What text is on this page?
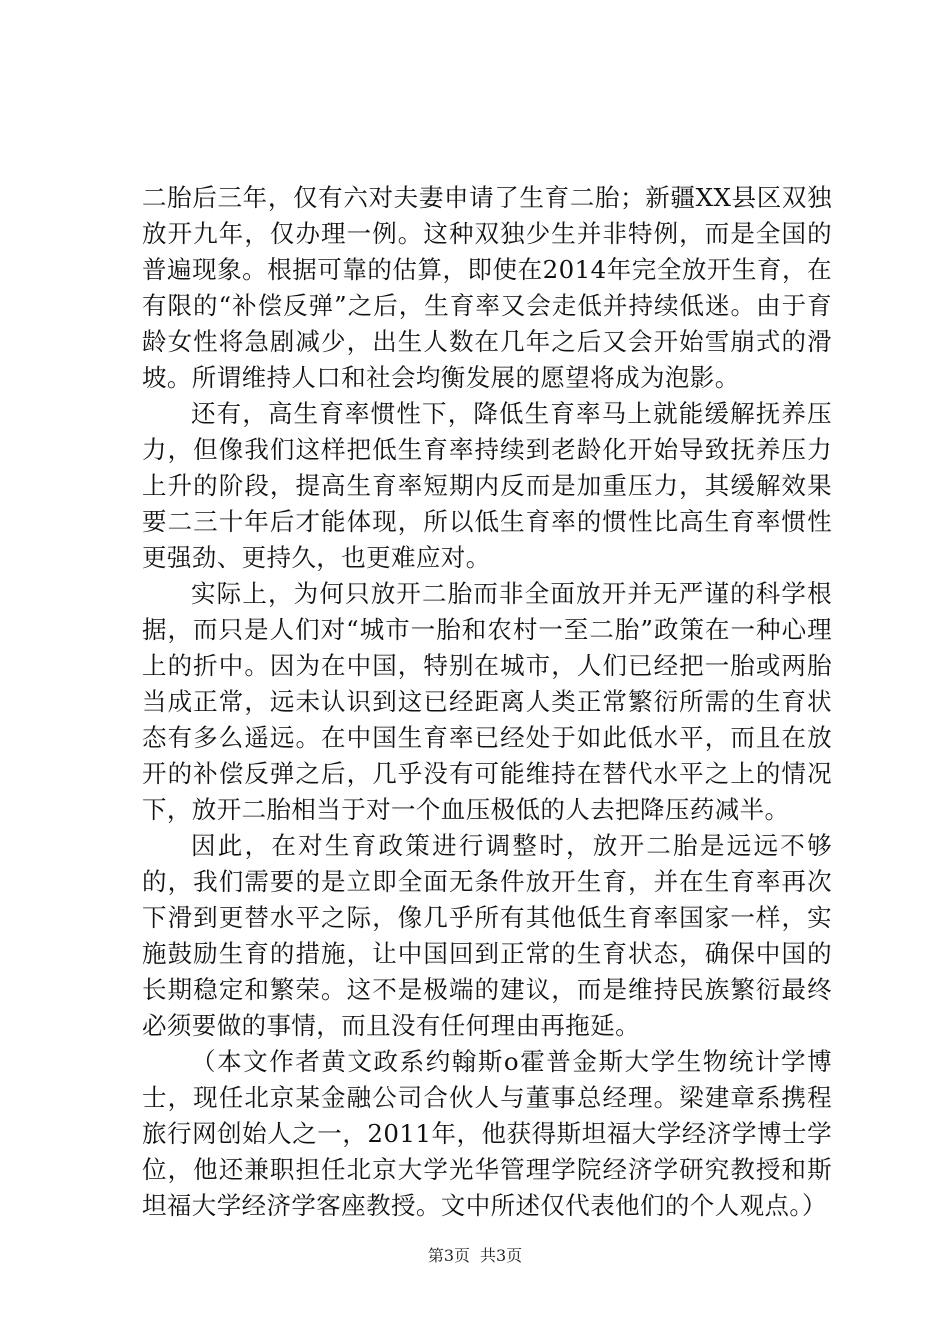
二胎后三年，仅有六对夫妻申请了生育二胎；新疆XX县区双独放开九年，仅办理一例。这种双独少生并非特例，而是全国的普遍现象。根据可靠的估算，即使在2014年完全放开生育，在有限的“补偿反弹”之后，生育率又会走低并持续低迷。由于育龄女性将急剧减少，出生人数在几年之后又会开始雪崩式的滑坡。所谓维持人口和社会均衡发展的愿望将成为泡影。

还有，高生育率惯性下，降低生育率马上就能缓解抚养压力，但像我们这样把低生育率持续到老龄化开始导致抚养压力上升的阶段，提高生育率短期内反而是加重压力，其缓解效果要二三十年后才能体现，所以低生育率的惯性比高生育率惯性更强劲、更持久，也更难应对。

实际上，为何只放开二胎而非全面放开并无严谨的科学根据，而只是人们对“城市一胎和农村一至二胎”政策在一种心理上的折中。因为在中国，特别在城市，人们已经把一胎或两胎当成正常，远未认识到这已经距离人类正常繁衍所需的生育状态有多么遥远。在中国生育率已经处于如此低水平，而且在放开的补偿反弹之后，几乎没有可能维持在替代水平之上的情况下，放开二胎相当于对一个血压极低的人去把降压药减半。

因此，在对生育政策进行调整时，放开二胎是远远不够的，我们需要的是立即全面无条件放开生育，并在生育率再次下滑到更替水平之际，像几乎所有其他低生育率国家一样，实施鼓励生育的措施，让中国回到正常的生育状态，确保中国的长期稳定和繁荣。这不是极端的建议，而是维持民族繁衍最终必须要做的事情，而且没有任何理由再拖延。

（本文作者黄文政系约翰斯o霍普金斯大学生物统计学博士，现任北京某金融公司合伙人与董事总经理。梁建章系携程旅行网创始人之一，2011年，他获得斯坦福大学经济学博士学位，他还兼职担任北京大学光华管理学院经济学研究教授和斯坦福大学经济学客座教授。文中所述仅代表他们的个人观点。）

第3页 共3页
